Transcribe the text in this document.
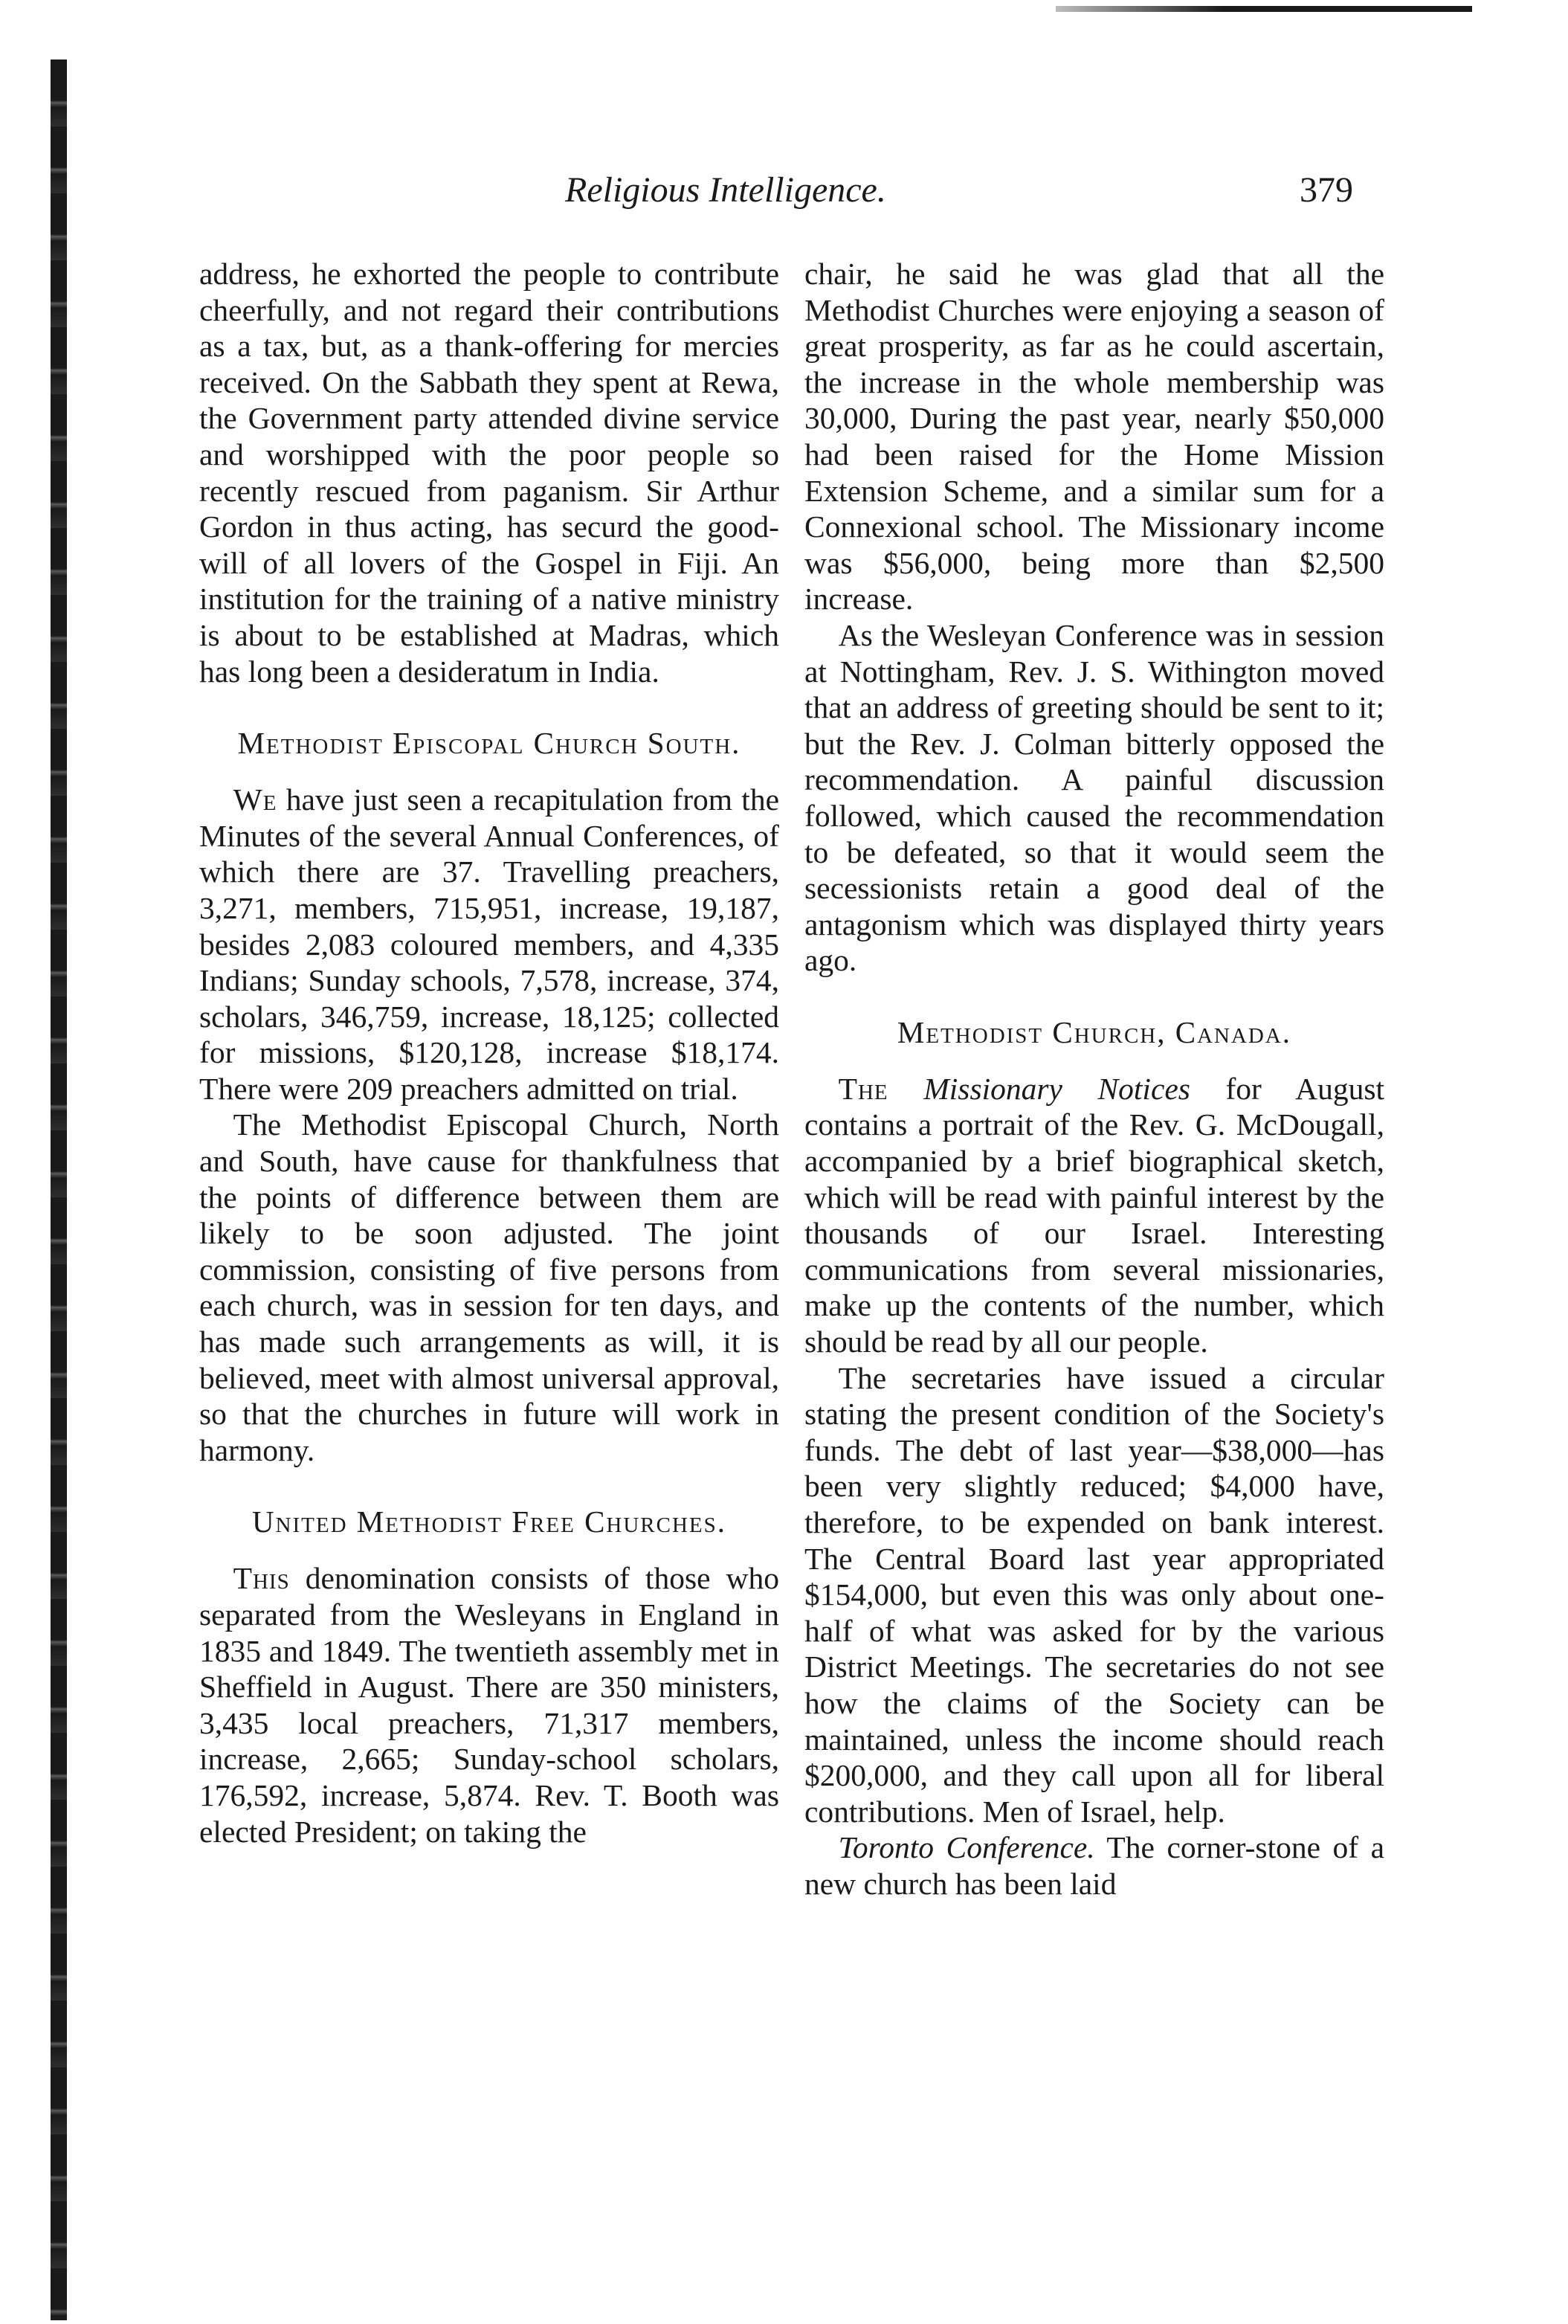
Religious Intelligence.	379

address, he exhorted the people to contribute cheerfully, and not regard their contributions as a tax, but, as a thank-offering for mercies received. On the Sabbath they spent at Rewa, the Government party attended divine service and worshipped with the poor people so recently rescued from paganism. Sir Arthur Gordon in thus acting, has securd the good-will of all lovers of the Gospel in Fiji. An institution for the training of a native ministry is about to be established at Madras, which has long been a desideratum in India.

Methodist Episcopal Church South.

We have just seen a recapitulation from the Minutes of the several Annual Conferences, of which there are 37. Travelling preachers, 3,271, members, 715,951, increase, 19,187, besides 2,083 coloured members, and 4,335 Indians; Sunday schools, 7,578, increase, 374, scholars, 346,759, increase, 18,125; collected for missions, $120,128, increase $18,174. There were 209 preachers admitted on trial.

The Methodist Episcopal Church, North and South, have cause for thankfulness that the points of difference between them are likely to be soon adjusted. The joint commission, consisting of five persons from each church, was in session for ten days, and has made such arrangements as will, it is believed, meet with almost universal approval, so that the churches in future will work in harmony.

United Methodist Free Churches.

This denomination consists of those who separated from the Wesleyans in England in 1835 and 1849. The twentieth assembly met in Sheffield in August. There are 350 ministers, 3,435 local preachers, 71,317 members, increase, 2,665; Sunday-school scholars, 176,592, increase, 5,874. Rev. T. Booth was elected President; on taking the

chair, he said he was glad that all the Methodist Churches were enjoying a season of great prosperity, as far as he could ascertain, the increase in the whole membership was 30,000, During the past year, nearly $50,000 had been raised for the Home Mission Extension Scheme, and a similar sum for a Connexional school. The Missionary income was $56,000, being more than $2,500 increase.

As the Wesleyan Conference was in session at Nottingham, Rev. J. S. Withington moved that an address of greeting should be sent to it; but the Rev. J. Colman bitterly opposed the recommendation. A painful discussion followed, which caused the recommendation to be defeated, so that it would seem the secessionists retain a good deal of the antagonism which was displayed thirty years ago.

Methodist Church, Canada.

The Missionary Notices for August contains a portrait of the Rev. G. McDougall, accompanied by a brief biographical sketch, which will be read with painful interest by the thousands of our Israel. Interesting communications from several missionaries, make up the contents of the number, which should be read by all our people.

The secretaries have issued a circular stating the present condition of the Society's funds. The debt of last year—$38,000—has been very slightly reduced; $4,000 have, therefore, to be expended on bank interest. The Central Board last year appropriated $154,000, but even this was only about one-half of what was asked for by the various District Meetings. The secretaries do not see how the claims of the Society can be maintained, unless the income should reach $200,000, and they call upon all for liberal contributions. Men of Israel, help.

Toronto Conference. The corner-stone of a new church has been laid
